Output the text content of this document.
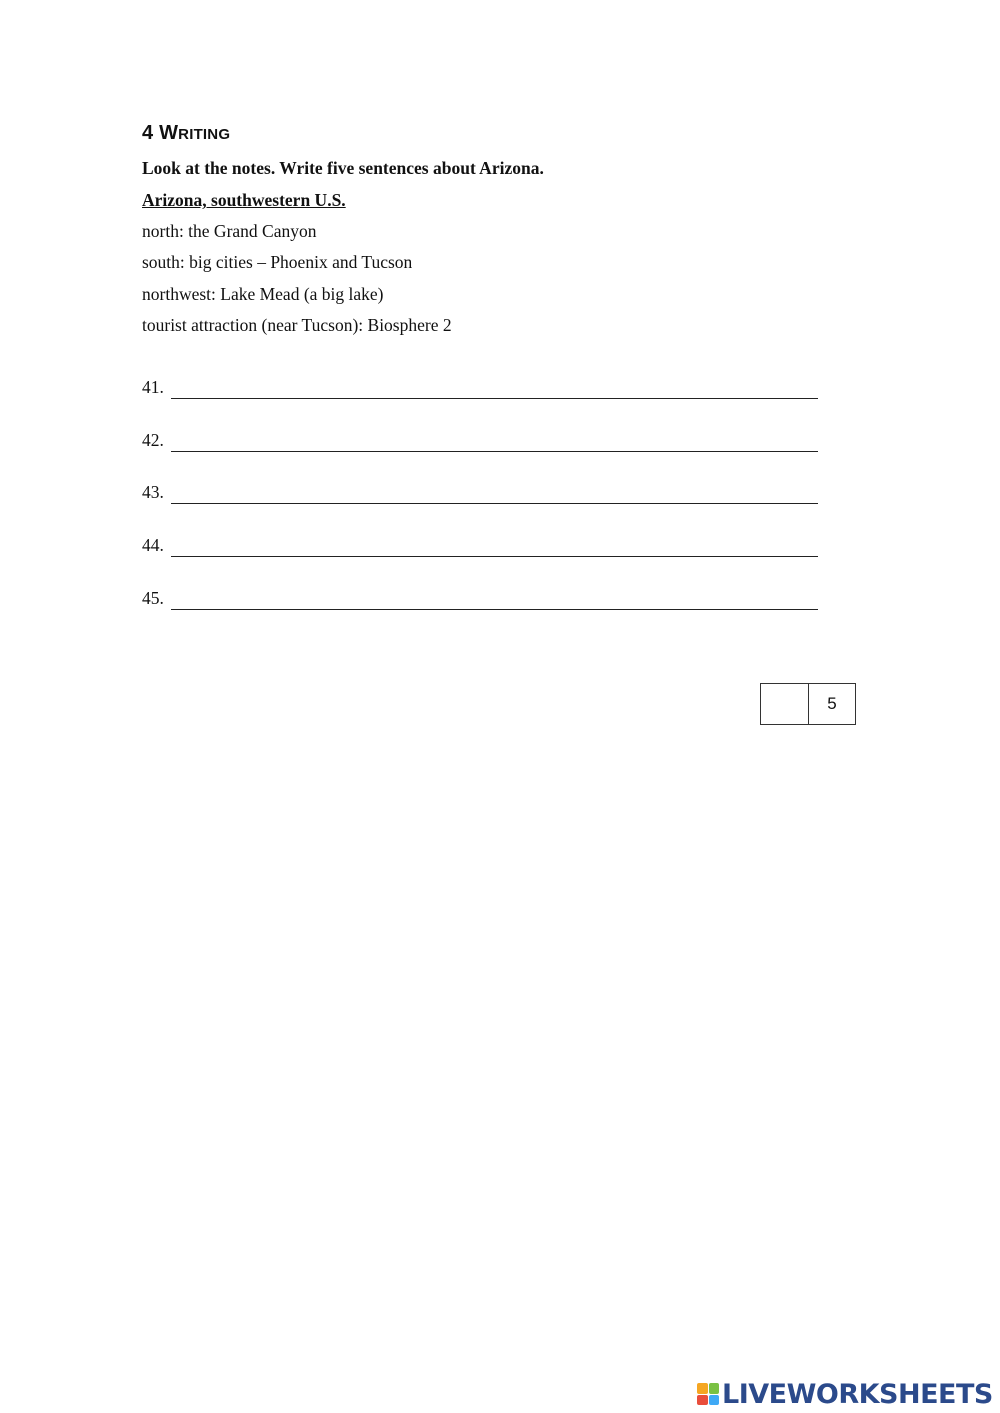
4 WRITING
Look at the notes. Write five sentences about Arizona.
Arizona, southwestern U.S.
north: the Grand Canyon
south: big cities – Phoenix and Tucson
northwest: Lake Mead (a big lake)
tourist attraction (near Tucson): Biosphere 2
41.
42.
43.
44.
45.
5
LIVEWORKSHEETS
